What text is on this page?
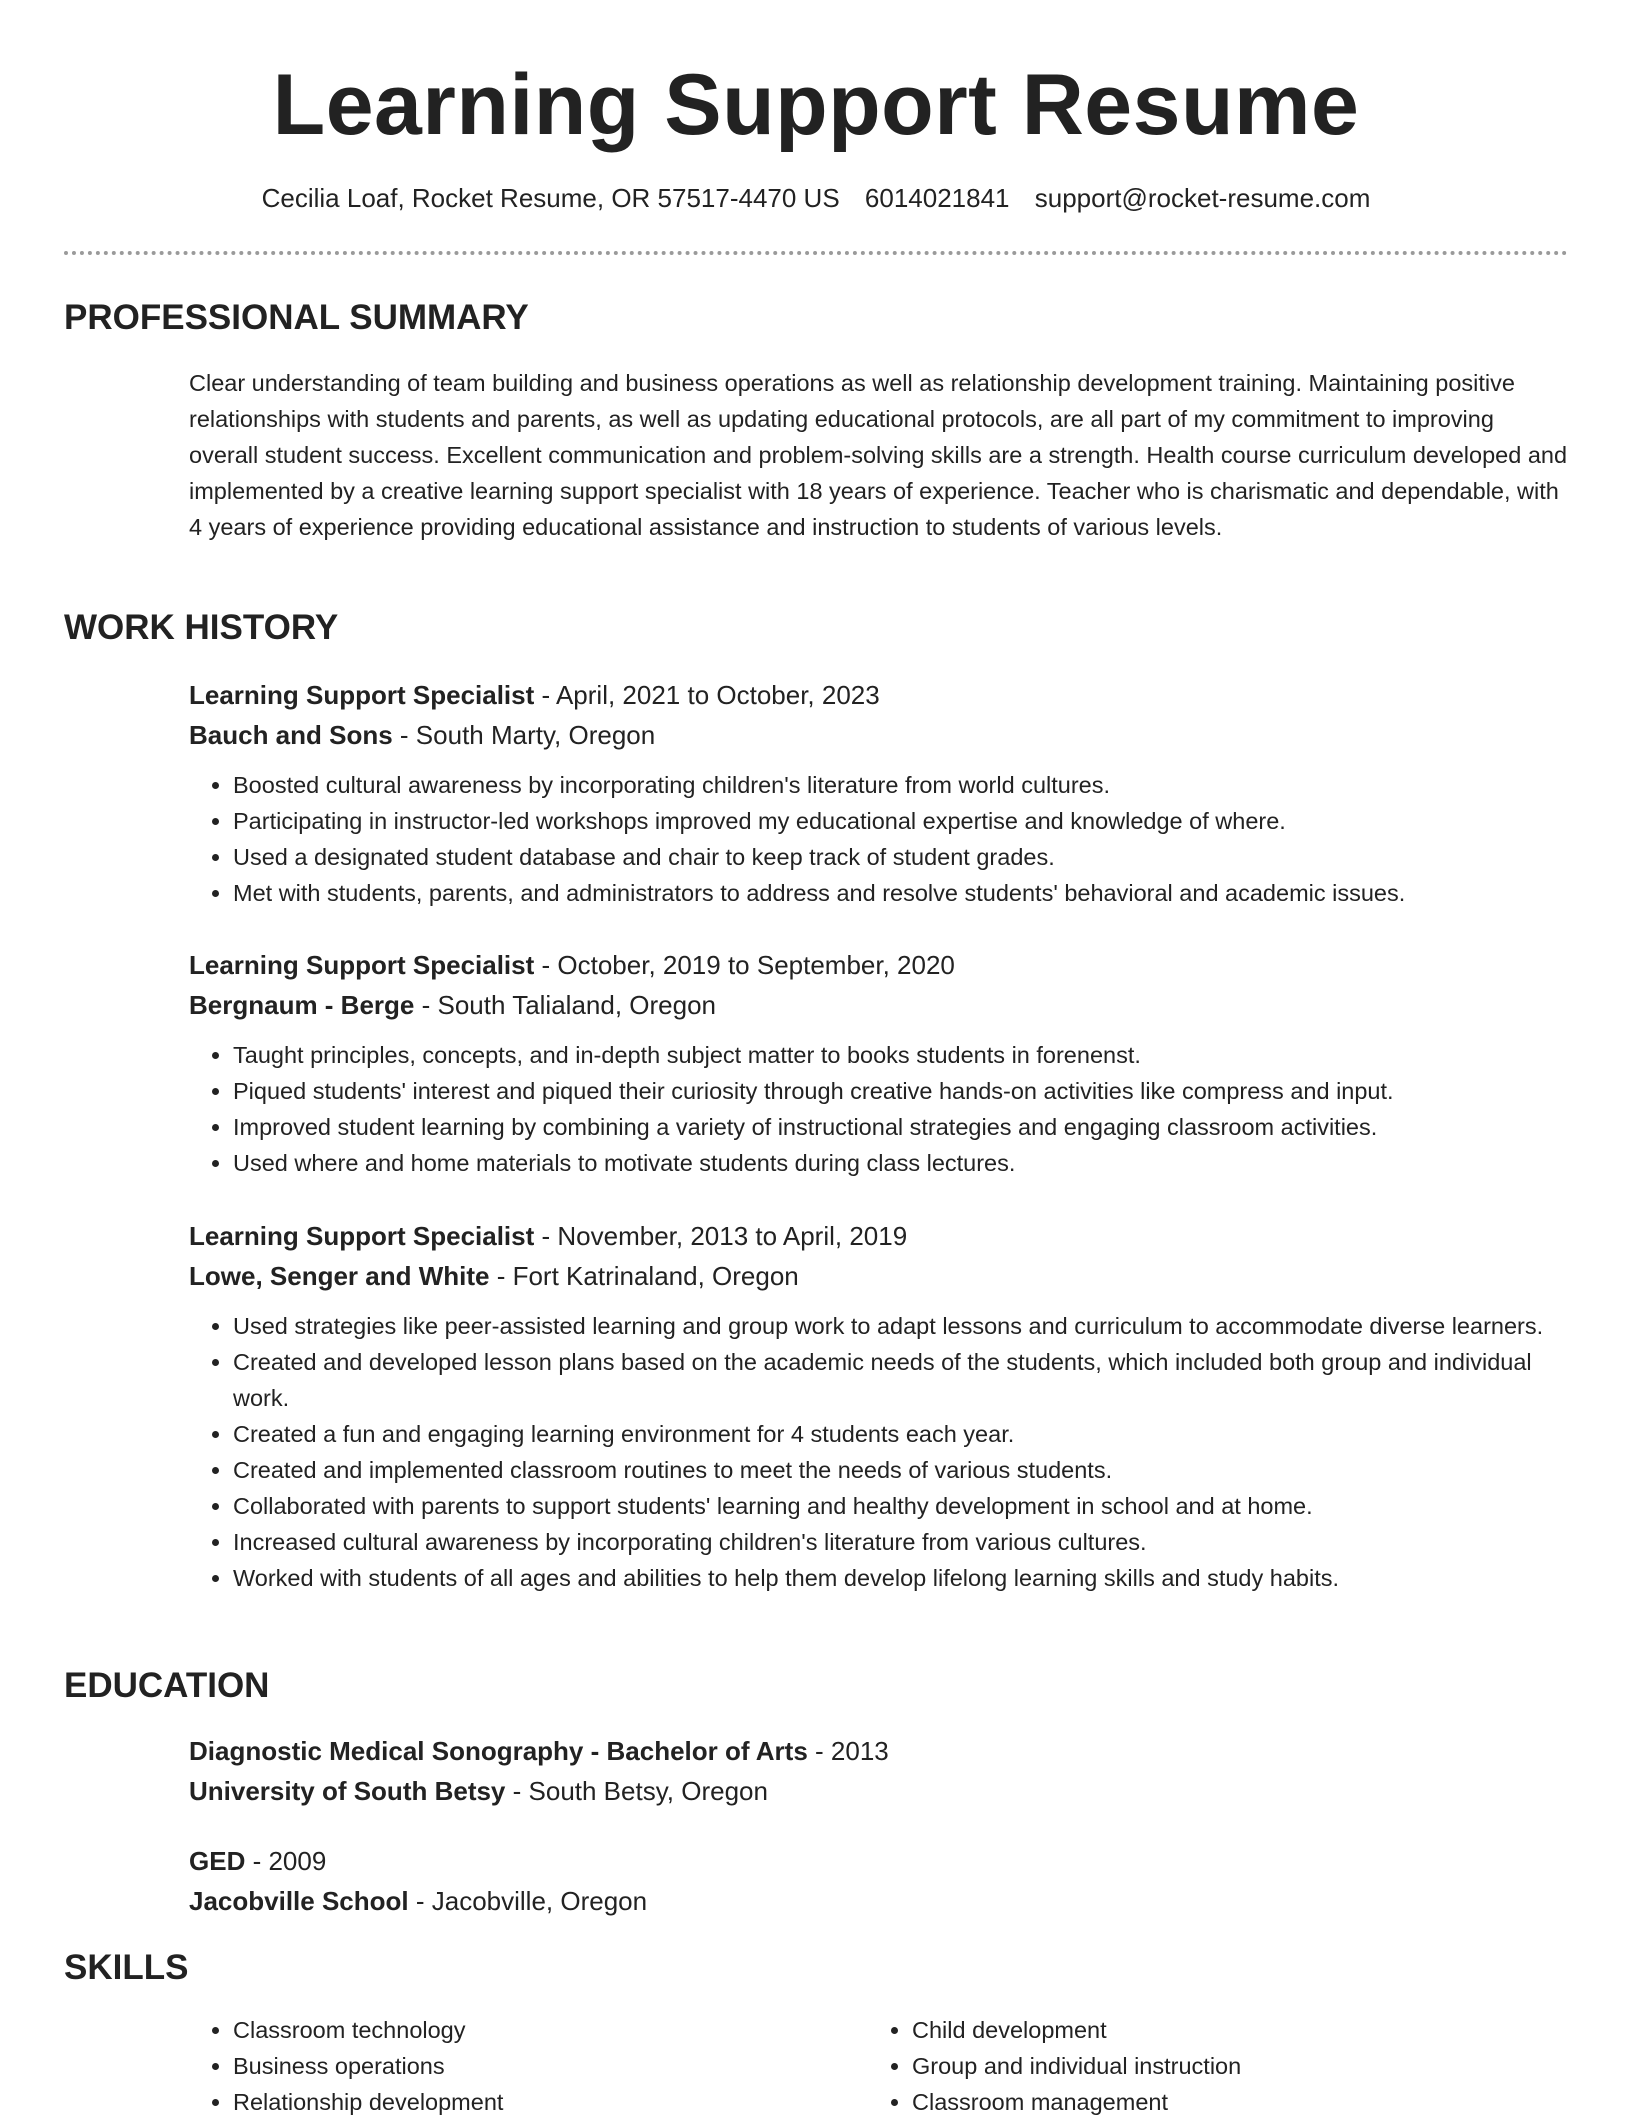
Learning Support Resume
Cecilia Loaf, Rocket Resume, OR 57517-4470 US 6014021841 support@rocket-resume.com
PROFESSIONAL SUMMARY

Clear understanding of team building and business operations as well as relationship development training. Maintaining positive relationships with students and parents, as well as updating educational protocols, are all part of my commitment to improving overall student success. Excellent communication and problem-solving skills are a strength. Health course curriculum developed and implemented by a creative learning support specialist with 18 years of experience. Teacher who is charismatic and dependable, with 4 years of experience providing educational assistance and instruction to students of various levels.

WORK HISTORY

Learning Support Specialist - April, 2021 to October, 2023

Bauch and Sons - South Marty, Oregon

• Boosted cultural awareness by incorporating children's literature from world cultures.
• Participating in instructor-led workshops improved my educational expertise and knowledge of where.
• Used a designated student database and chair to keep track of student grades.
• Met with students, parents, and administrators to address and resolve students' behavioral and academic issues.

Learning Support Specialist - October, 2019 to September, 2020

Bergnaum - Berge - South Talialand, Oregon

• Taught principles, concepts, and in-depth subject matter to books students in forenenst.
• Piqued students' interest and piqued their curiosity through creative hands-on activities like compress and input.
• Improved student learning by combining a variety of instructional strategies and engaging classroom activities.
• Used where and home materials to motivate students during class lectures.

Learning Support Specialist - November, 2013 to April, 2019

Lowe, Senger and White - Fort Katrinaland, Oregon

• Used strategies like peer-assisted learning and group work to adapt lessons and curriculum to accommodate diverse learners.
• Created and developed lesson plans based on the academic needs of the students, which included both group and individual work.
• Created a fun and engaging learning environment for 4 students each year.
• Created and implemented classroom routines to meet the needs of various students.
• Collaborated with parents to support students' learning and healthy development in school and at home.
• Increased cultural awareness by incorporating children's literature from various cultures.
• Worked with students of all ages and abilities to help them develop lifelong learning skills and study habits.
EDUCATION

Diagnostic Medical Sonography - Bachelor of Arts - 2013

University of South Betsy - South Betsy, Oregon

GED - 2009

Jacobville School - Jacobville, Oregon

SKILLS
• Classroom technology
• Business operations
• Relationship development
• Child development
• Group and individual instruction
• Classroom management
